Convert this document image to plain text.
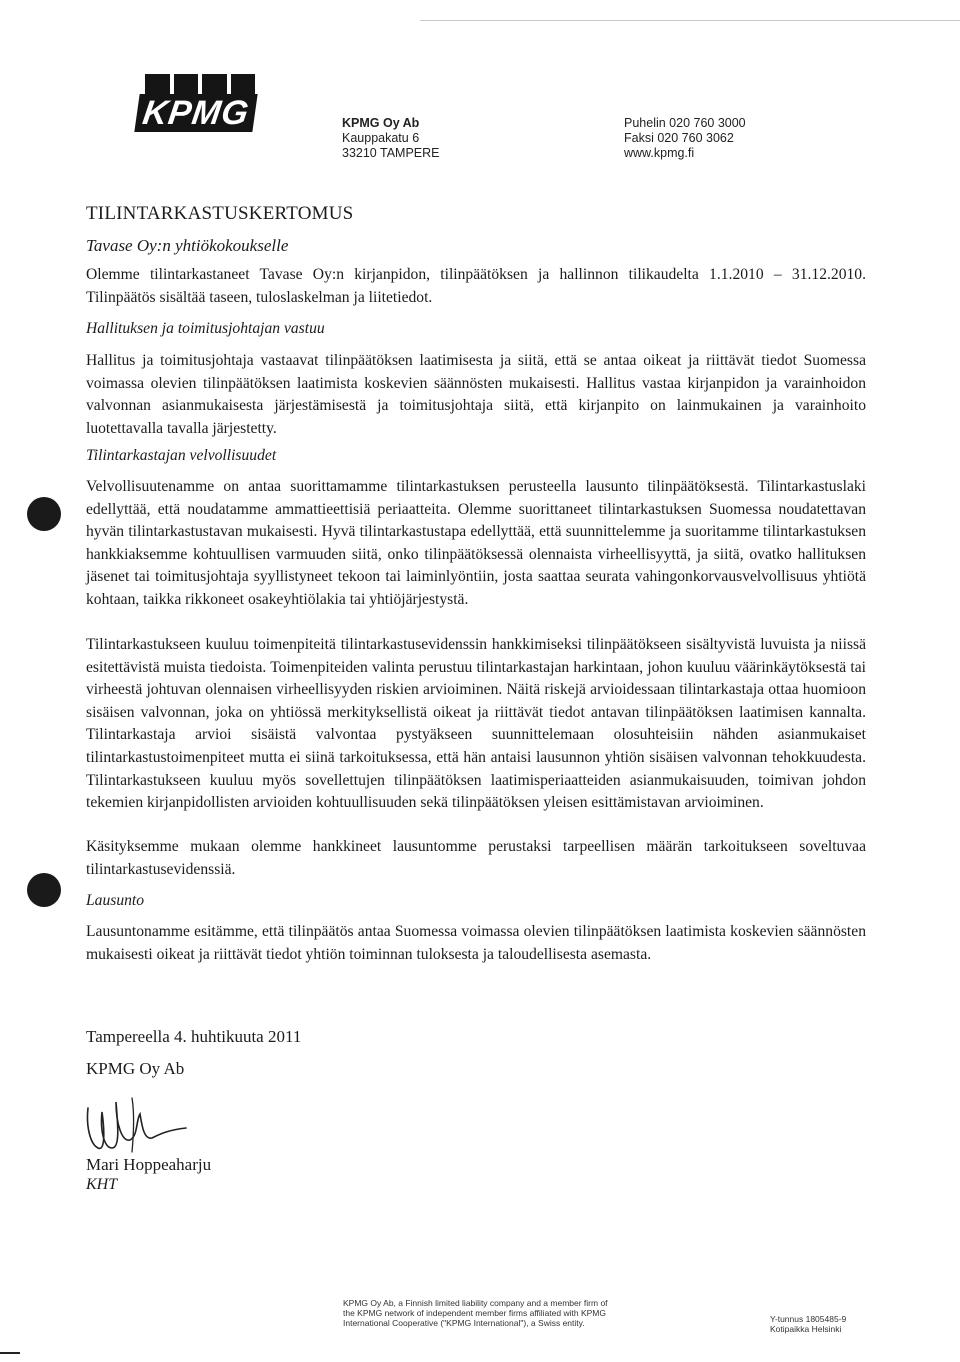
KPMG	KPMG Oy Ab
Kauppakatu 6
33210 TAMPERE
Puhelin 020 760 3000
Faksi 020 760 3062
www.kpmg.fi
TILINTARKASTUSKERTOMUS
Tavase Oy:n yhtiökokoukselle
Olemme tilintarkastaneet Tavase Oy:n kirjanpidon, tilinpäätöksen ja hallinnon tilikaudelta 1.1.2010 – 31.12.2010. Tilinpäätös sisältää taseen, tuloslaskelman ja liitetiedot.
Hallituksen ja toimitusjohtajan vastuu
Hallitus ja toimitusjohtaja vastaavat tilinpäätöksen laatimisesta ja siitä, että se antaa oikeat ja riittävät tiedot Suomessa voimassa olevien tilinpäätöksen laatimista koskevien säännösten mukaisesti. Hallitus vastaa kirjanpidon ja varainhoidon valvonnan asianmukaisesta järjestämisestä ja toimitusjohtaja siitä, että kirjanpito on lainmukainen ja varainhoito luotettavalla tavalla järjestetty.
Tilintarkastajan velvollisuudet
Velvollisuutenamme on antaa suorittamamme tilintarkastuksen perusteella lausunto tilinpäätöksestä. Tilintarkastuslaki edellyttää, että noudatamme ammattieettisiä periaatteita. Olemme suorittaneet tilintarkastuksen Suomessa noudatettavan hyvän tilintarkastustavan mukaisesti. Hyvä tilintarkastustapa edellyttää, että suunnittelemme ja suoritamme tilintarkastuksen hankkiaksemme kohtuullisen varmuuden siitä, onko tilinpäätöksessä olennaista virheellisyyttä, ja siitä, ovatko hallituksen jäsenet tai toimitusjohtaja syyllistyneet tekoon tai laiminlyöntiin, josta saattaa seurata vahingonkorvausvelvollisuus yhtiötä kohtaan, taikka rikkoneet osakeyhtiölakia tai yhtiöjärjestystä.
Tilintarkastukseen kuuluu toimenpiteitä tilintarkastusevidenssin hankkimiseksi tilinpäätökseen sisältyvistä luvuista ja niissä esitettävistä muista tiedoista. Toimenpiteiden valinta perustuu tilintarkastajan harkintaan, johon kuuluu väärinkäytöksestä tai virheestä johtuvan olennaisen virheellisyyden riskien arvioiminen. Näitä riskejä arvioidessaan tilintarkastaja ottaa huomioon sisäisen valvonnan, joka on yhtiössä merkityksellistä oikeat ja riittävät tiedot antavan tilinpäätöksen laatimisen kannalta. Tilintarkastaja arvioi sisäistä valvontaa pystyäkseen suunnittelemaan olosuhteisiin nähden asianmukaiset tilintarkastustoimenpiteet mutta ei siinä tarkoituksessa, että hän antaisi lausunnon yhtiön sisäisen valvonnan tehokkuudesta. Tilintarkastukseen kuuluu myös sovellettujen tilinpäätöksen laatimisperiaatteiden asianmukaisuuden, toimivan johdon tekemien kirjanpidollisten arvioiden kohtuullisuuden sekä tilinpäätöksen yleisen esittämistavan arvioiminen.
Käsityksemme mukaan olemme hankkineet lausuntomme perustaksi tarpeellisen määrän tarkoitukseen soveltuvaa tilintarkastusevidenssiä.
Lausunto
Lausuntonamme esitämme, että tilinpäätös antaa Suomessa voimassa olevien tilinpäätöksen laatimista koskevien säännösten mukaisesti oikeat ja riittävät tiedot yhtiön toiminnan tuloksesta ja taloudellisesta asemasta.
Tampereella 4. huhtikuuta 2011
KPMG Oy Ab
Mari Hoppeaharju
KHT
KPMG Oy Ab, a Finnish limited liability company and a member firm of the KPMG network of independent member firms affiliated with KPMG International Cooperative ("KPMG International"), a Swiss entity.	Y-tunnus 1805485-9
Kotipaikka Helsinki
